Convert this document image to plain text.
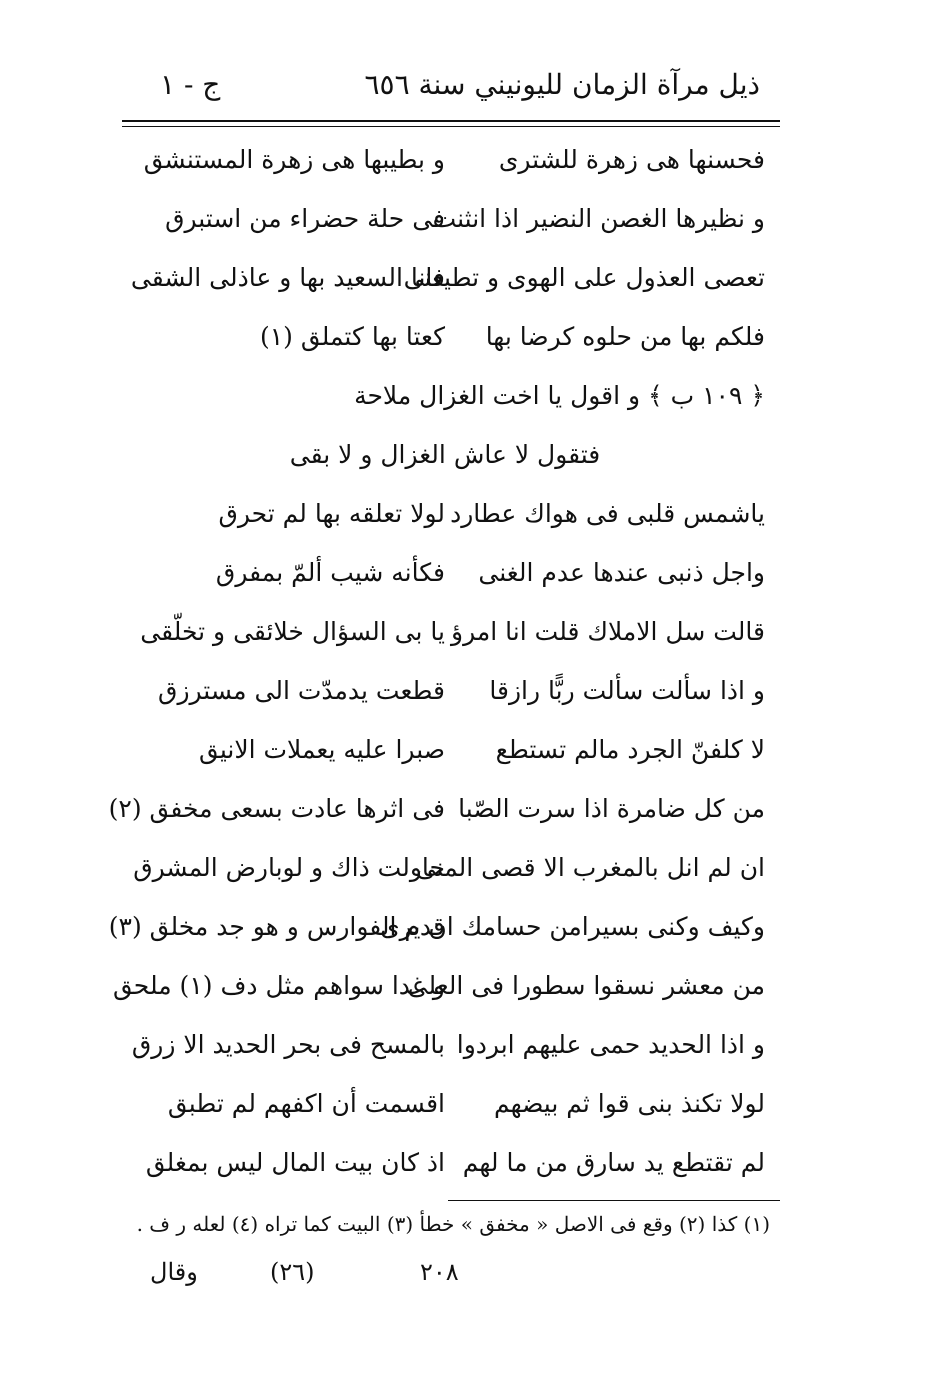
ذيل مرآة الزمان لليونيني سنة ٦٥٦
ج - ١
فحسنها هى زهرة للشترى
و بطيبها هى زهرة المستنشق
و نظيرها الغصن النضير اذا انثنت
فى حلة حضراء من استبرق
تعصى العذول على الهوى و تطيعنى
فانا السعيد بها و عاذلى الشقى
فلكم بها من حلوه كرضا بها
كعتا بها كتملق (١)
﴿ ١٠٩ ب ﴾ و اقول يا اخت الغزال ملاحة
فتقول لا عاش الغزال و لا بقى
ياشمس قلبى فى هواك عطارد
لولا تعلقه بها لم تحرق
واجل ذنبى عندها عدم الغنى
فكأنه شيب ألمّ بمفرق
قالت سل الاملاك قلت انا امرؤ
يا بى السؤال خلائقى و تخلّقى
و اذا سألت سألت ربًّا رازقا
قطعت يدمدّت الى مسترزق
لا كلفنّ الجرد مالم تستطع
صبرا عليه يعملات الانيق
من كل ضامرة اذا سرت الصّبا
فى اثرها عادت بسعى مخفق (٢)
ان لم انل بالمغرب الا قصى المنى
حاولت ذاك و لوبارض المشرق
وكيف وكنى بسيرامن حسامك ان يرى
قدم الفوارس و هو جد مخلق (٣)
من معشر نسقوا سطورا فى العلى
و غدا سواهم مثل دف (١) ملحق
و اذا الحديد حمى عليهم ابردوا
بالمسح فى بحر الحديد الا زرق
لولا تكنذ بنى قوا ثم بيضهم
اقسمت أن اكفهم لم تطبق
لم تقتطع يد سارق من ما لهم
اذ كان بيت المال ليس بمغلق
(١) كذا (٢) وقع فى الاصل « مخفق » خطأ (٣) البيت كما تراه (٤) لعله ر ف .
وقال	(٢٦)	٢٠٨
